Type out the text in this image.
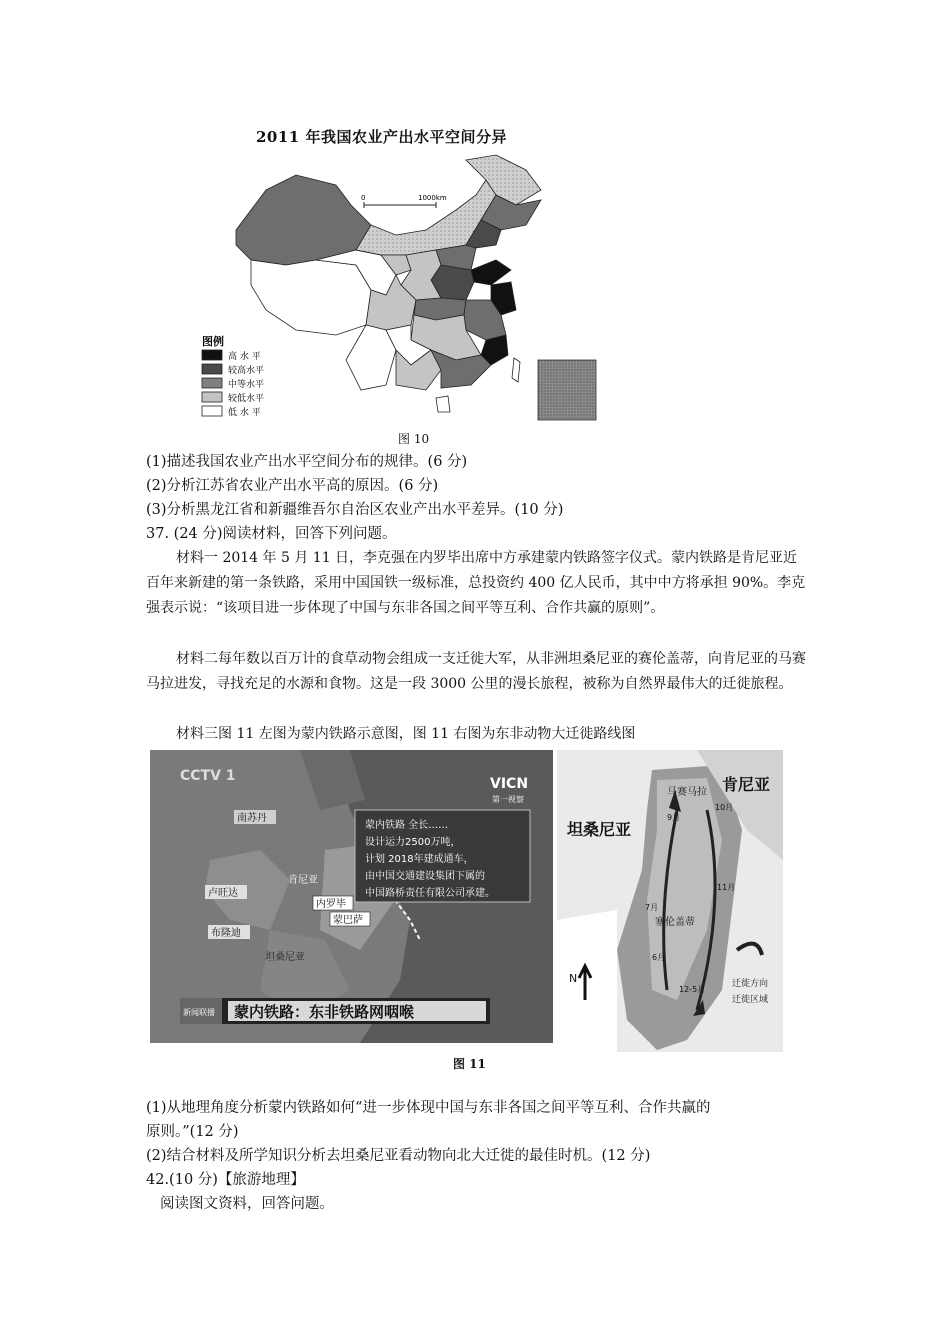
2011 年我国农业产出水平空间分异
0	1000km
图例
高 水 平
较高水平
中等水平
较低水平
低 水 平
图 10
(1)描述我国农业产出水平空间分布的规律。(6 分)
(2)分析江苏省农业产出水平高的原因。(6 分)
(3)分析黑龙江省和新疆维吾尔自治区农业产出水平差异。(10 分)
37. (24 分)阅读材料，回答下列问题。
材料一 2014 年 5 月 11 日，李克强在内罗毕出席中方承建蒙内铁路签字仪式。蒙内铁路是肯尼亚近百年来新建的第一条铁路，采用中国国铁一级标准，总投资约 400 亿人民币，其中中方将承担 90%。李克强表示说：“该项目进一步体现了中国与东非各国之间平等互利、合作共赢的原则”。
材料二每年数以百万计的食草动物会组成一支迁徙大军，从非洲坦桑尼亚的赛伦盖蒂，向肯尼亚的马赛马拉进发，寻找充足的水源和食物。这是一段 3000 公里的漫长旅程，被称为自然界最伟大的迁徙旅程。
材料三图 11 左图为蒙内铁路示意图，图 11 右图为东非动物大迁徙路线图
CCTV 1	VICN
第一视察
蒙内铁路 全长……
设计运力2500万吨，
计划 2018年建成通车，
由中国交通建设集团下属的
中国路桥责任有限公司承建。
南苏丹
卢旺达
布隆迪
坦桑尼亚
肯尼亚
内罗毕
蒙巴萨
新闻联播 蒙内铁路：东非铁路网咽喉
肯尼亚
坦桑尼亚
马赛马拉
塞伦盖蒂
9月
10月
11月
7月
6月
12-5月
N	迁徙方向
迁徙区域
图 11
(1)从地理角度分析蒙内铁路如何“进一步体现中国与东非各国之间平等互利、合作共赢的
原则。”(12 分)
(2)结合材料及所学知识分析去坦桑尼亚看动物向北大迁徙的最佳时机。(12 分)
42.(10 分)【旅游地理】
阅读图文资料，回答问题。
